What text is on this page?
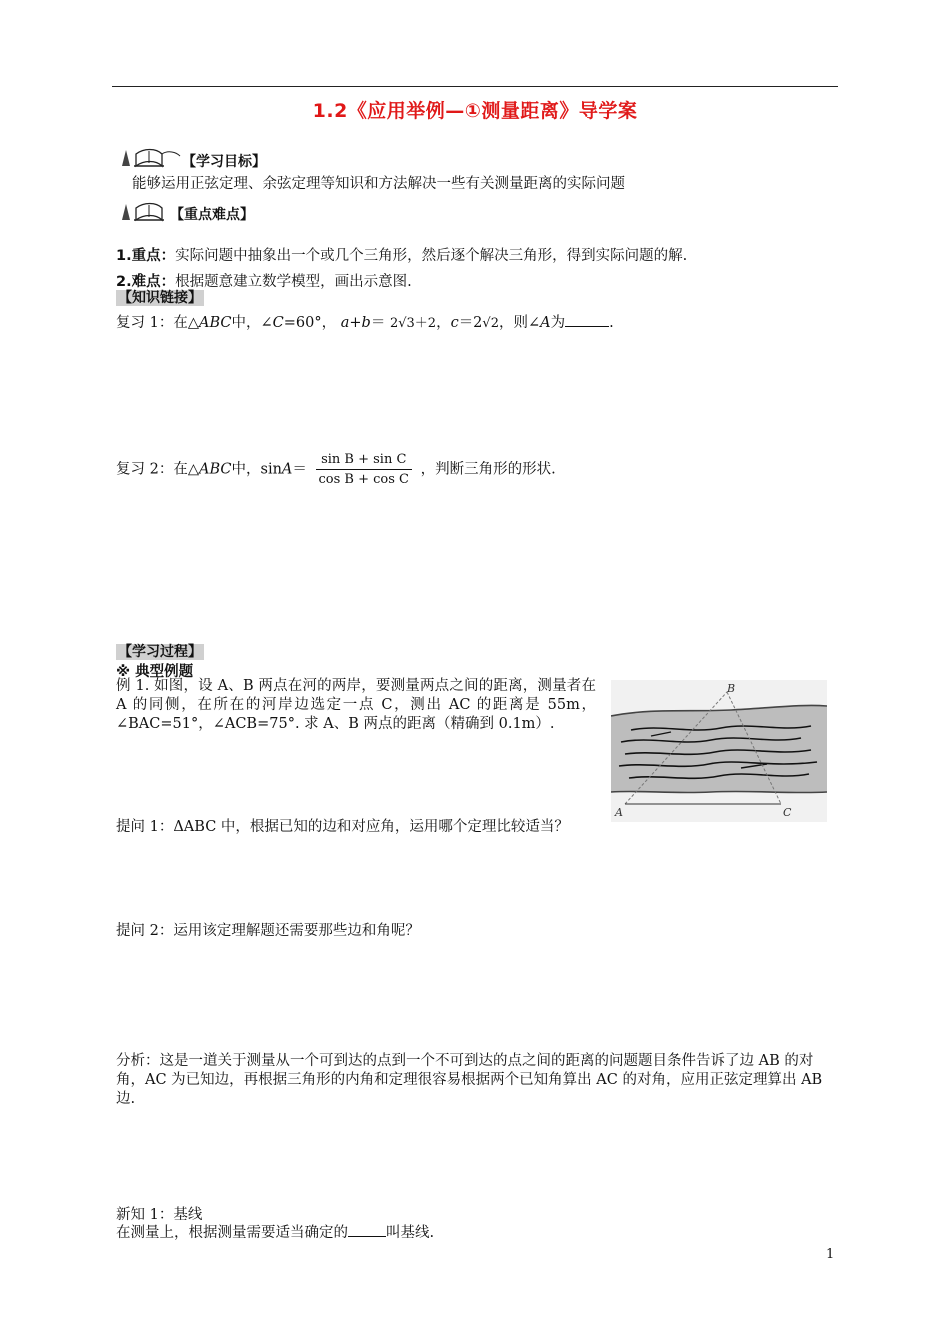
1.2《应用举例—①测量距离》导学案
【学习目标】
能够运用正弦定理、余弦定理等知识和方法解决一些有关测量距离的实际问题
【重点难点】
1.重点：实际问题中抽象出一个或几个三角形，然后逐个解决三角形，得到实际问题的解.
2.难点：根据题意建立数学模型，画出示意图.
【知识链接】
复习 1：在△ABC中，∠C=60°， a+b＝ 2√3＋2，c＝2√2，则∠A为	.
复习 2：在△ABC中，$\sin A= \frac{\text{sin B + sin C}}{\text{cos B + cos C}}$ ，判断三角形的形状.
【学习过程】
※ 典型例题
例 1. 如图，设 A、B 两点在河的两岸，要测量两点之间的距离，测量者在 A 的同侧，在所在的河岸边选定一点 C，测出 AC 的距离是 55m，∠BAC=51°，∠ACB=75°. 求 A、B 两点的距离（精确到 0.1m）.
B
A	C
提问 1：ΔABC 中，根据已知的边和对应角，运用哪个定理比较适当？
提问 2：运用该定理解题还需要那些边和角呢？
分析：这是一道关于测量从一个可到达的点到一个不可到达的点之间的距离的问题题目条件告诉了边 AB 的对角，AC 为已知边，再根据三角形的内角和定理很容易根据两个已知角算出 AC 的对角，应用正弦定理算出 AB 边.
新知 1：基线
在测量上，根据测量需要适当确定的	叫基线.
1
